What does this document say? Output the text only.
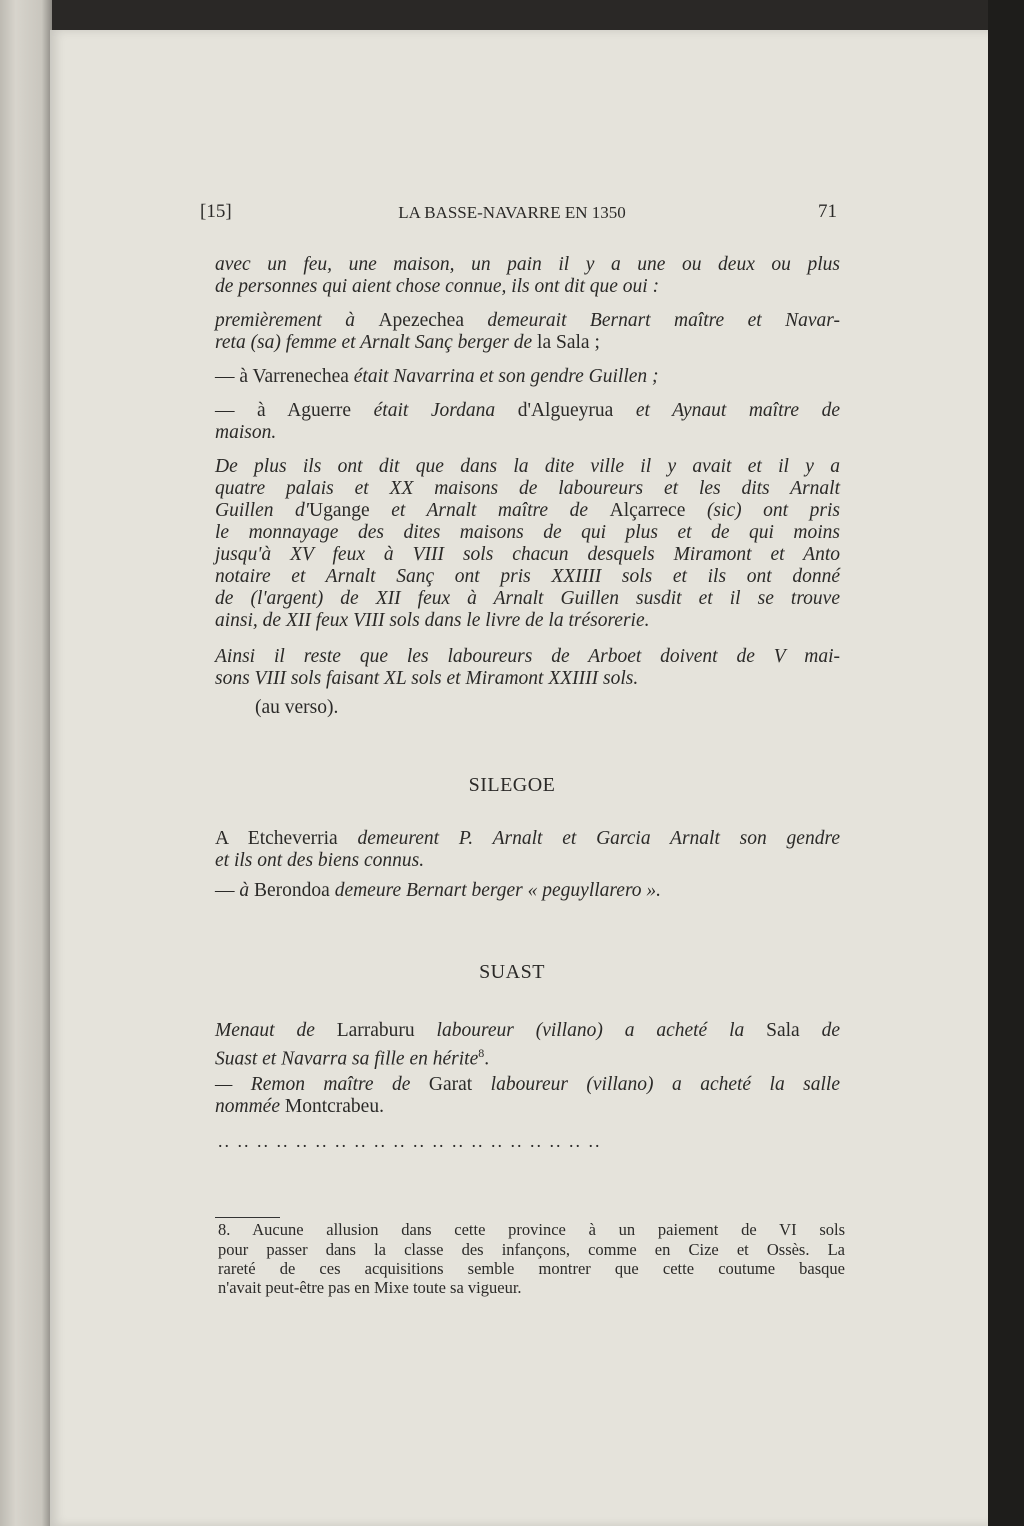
[15]	LA BASSE-NAVARRE EN 1350	71
avec un feu, une maison, un pain il y a une ou deux ou plus
de personnes qui aient chose connue, ils ont dit que oui :
premièrement à Apezechea demeurait Bernart maître et Navar-
reta (sa) femme et Arnalt Sanç berger de la Sala ;
— à Varrenechea était Navarrina et son gendre Guillen ;
— à Aguerre était Jordana d'Algueyrua et Aynaut maître de
maison.
De plus ils ont dit que dans la dite ville il y avait et il y a
quatre palais et XX maisons de laboureurs et les dits Arnalt
Guillen d'Ugange et Arnalt maître de Alçarrece (sic) ont pris
le monnayage des dites maisons de qui plus et de qui moins
jusqu'à XV feux à VIII sols chacun desquels Miramont et Anto
notaire et Arnalt Sanç ont pris XXIIII sols et ils ont donné
de (l'argent) de XII feux à Arnalt Guillen susdit et il se trouve
ainsi, de XII feux VIII sols dans le livre de la trésorerie.
Ainsi il reste que les laboureurs de Arboet doivent de V mai-
sons VIII sols faisant XL sols et Miramont XXIIII sols.
(au verso).
A Etcheverria demeurent P. Arnalt et Garcia Arnalt son gendre
et ils ont des biens connus.
— à Berondoa demeure Bernart berger « peguyllarero ».
Menaut de Larraburu laboureur (villano) a acheté la Sala de
Suast et Navarra sa fille en hérite$^8$.
— Remon maître de Garat laboureur (villano) a acheté la salle
nommée Montcrabeu.
SILEGOE
SUAST
.. .. .. .. .. .. .. .. .. .. .. .. .. .. .. .. .. .. .. ..
8. Aucune allusion dans cette province à un paiement de VI sols
pour passer dans la classe des infançons, comme en Cize et Ossès. La
rareté de ces acquisitions semble montrer que cette coutume basque
n'avait peut-être pas en Mixe toute sa vigueur.
